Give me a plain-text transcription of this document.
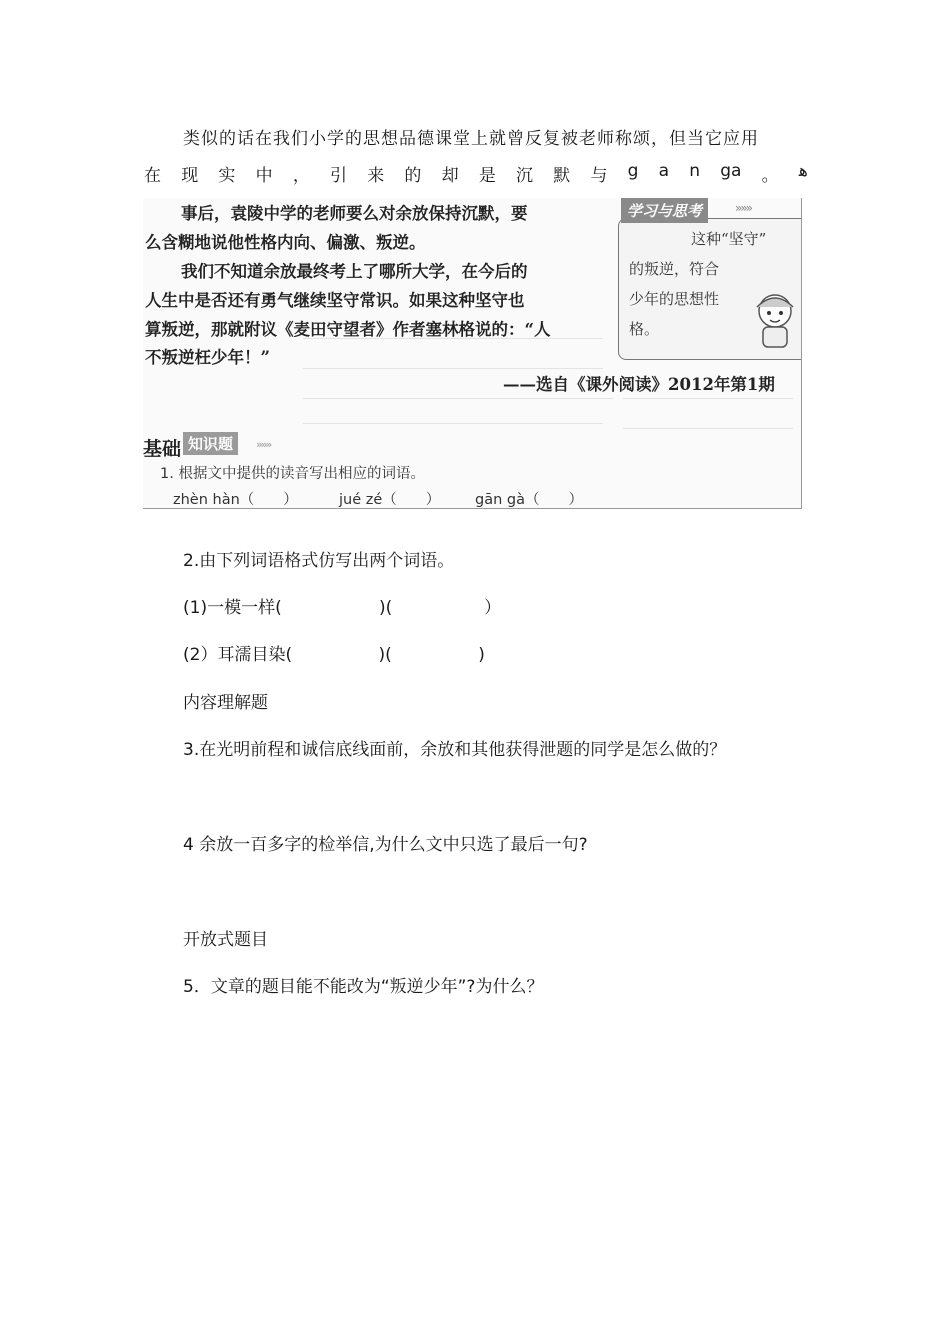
类似的话在我们小学的思想品德课堂上就曾反复被老师称颂，但当它应用
在 现 实 中 ， 引 来 的 却 是 沉 默 与 g a n ga 。 ﻫ
事后，袁陵中学的老师要么对余放保持沉默，要
么含糊地说他性格内向、偏激、叛逆。
我们不知道余放最终考上了哪所大学，在今后的
人生中是否还有勇气继续坚守常识。如果这种坚守也
算叛逆，那就附议《麦田守望者》作者塞林格说的：“人
不叛逆枉少年！”
——选自《课外阅读》2012年第1期
学习与思考	»»»
这种“坚守”
的叛逆，符合
少年的思想性
格。
基础 知识题	»»»
1. 根据文中提供的读音写出相应的词语。
zhèn hàn（　　）	jué zé（　　） gān gà（　　）
2.由下列词语格式仿写出两个词语。
(1)一模一样(                  )(                 ）
(2）耳濡目染(                )(                )
内容理解题
3.在光明前程和诚信底线面前，余放和其他获得泄题的同学是怎么做的？
4 余放一百多字的检举信,为什么文中只选了最后一句?
开放式题目
5．文章的题目能不能改为“叛逆少年”?为什么？
